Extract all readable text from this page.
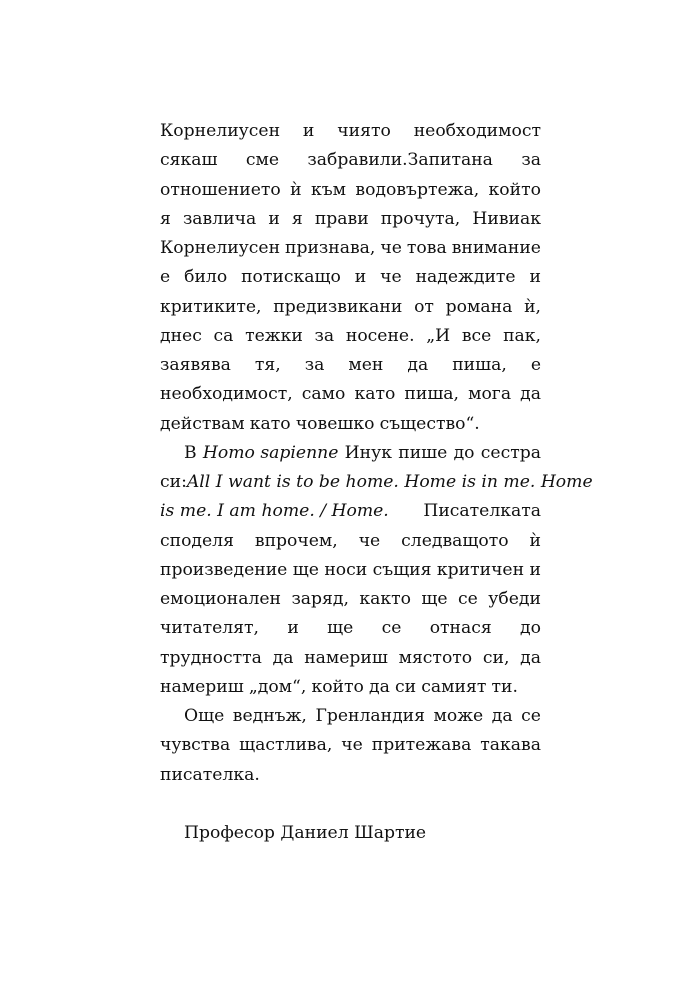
Корнелиусен и чиято необходимост
сякаш сме забравили.Запитана за
отношението ѝ към водовъртежа, който
я завлича и я прави прочута, Нивиак
Корнелиусен признава, че това внимание
е било потискащо и че надеждите и
критиките, предизвикани от романа ѝ,
днес са тежки за носене. „И все пак,
заявява тя, за мен да пиша, е
необходимост, само като пиша, мога да
действам като човешко същество“.
В Homo sapienne Инук пише до сестра
си: All I want is to be home. Home is in me. Home
is me. I am home. / Home. Писателката
споделя впрочем, че следващото ѝ
произведение ще носи същия критичен и
емоционален заряд, както ще се убеди
читателят, и ще се отнася до
трудността да намериш мястото си, да
намериш „дом“, който да си самият ти.
Още веднъж, Гренландия може да се
чувства щастлива, че притежава такава
писателка.
Професор Даниел Шартие
